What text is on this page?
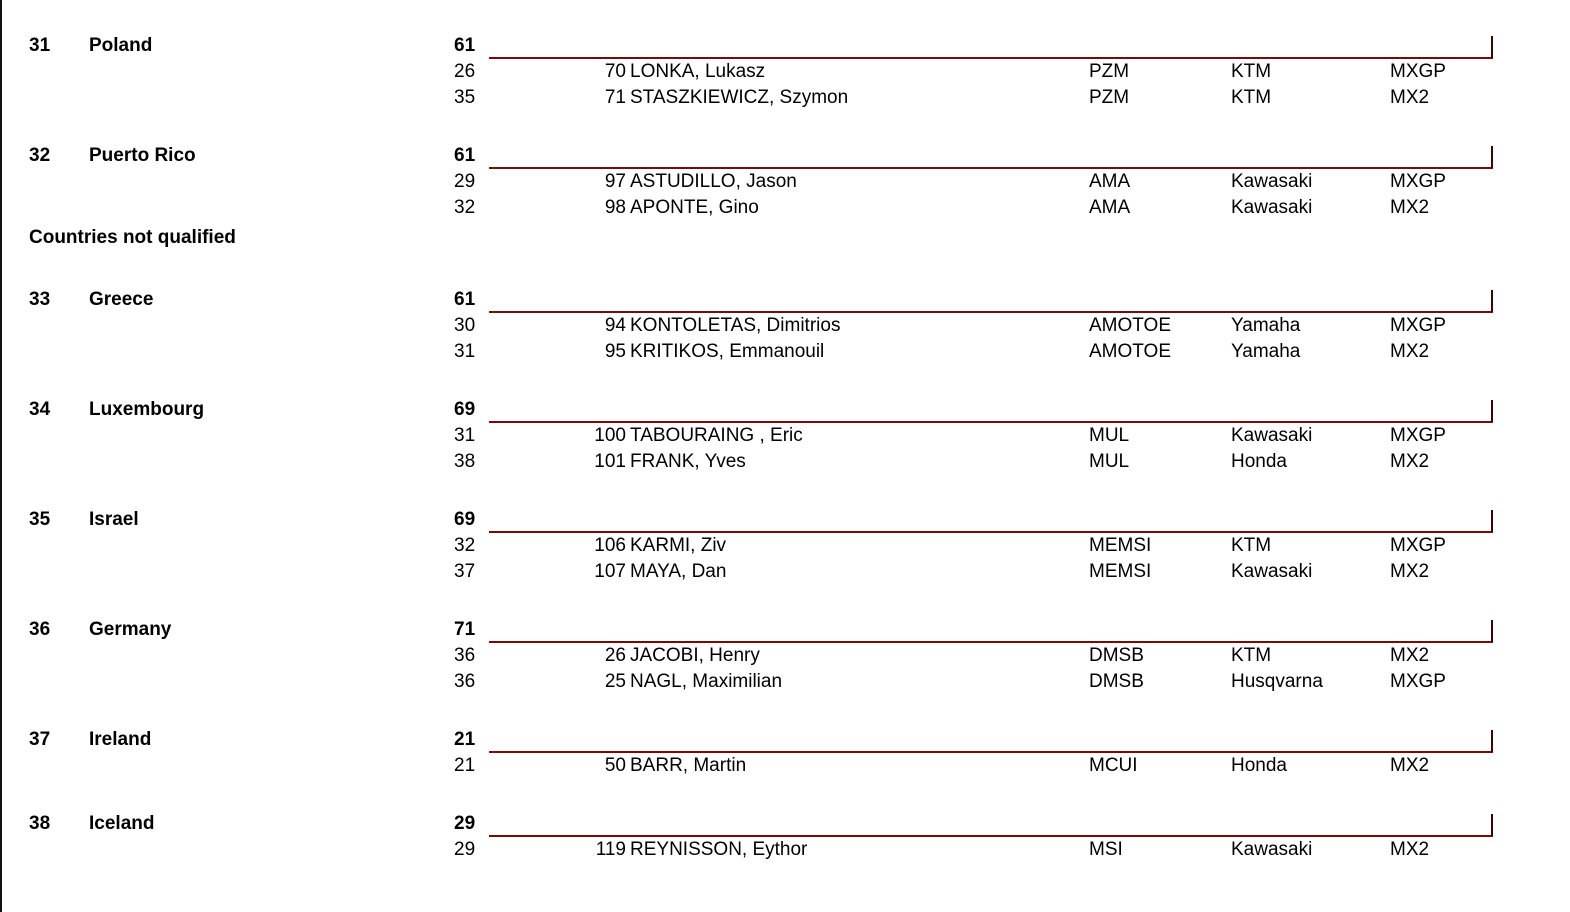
31 Poland	61
26	70 LONKA, Lukasz	PZM	KTM	MXGP
35	71 STASZKIEWICZ, Szymon	PZM	KTM	MX2
32 Puerto Rico	61
29	97 ASTUDILLO, Jason	AMA	Kawasaki	MXGP
32	98 APONTE, Gino	AMA	Kawasaki	MX2
Countries not qualified
33 Greece	61
30	94 KONTOLETAS, Dimitrios	AMOTOE	Yamaha	MXGP
31	95 KRITIKOS, Emmanouil	AMOTOE	Yamaha	MX2
34 Luxembourg	69
31	100 TABOURAING , Eric	MUL	Kawasaki	MXGP
38	101 FRANK, Yves	MUL	Honda	MX2
35 Israel	69
32	106 KARMI, Ziv	MEMSI	KTM	MXGP
37	107 MAYA, Dan	MEMSI	Kawasaki	MX2
36 Germany	71
36	26 JACOBI, Henry	DMSB	KTM	MX2
36	25 NAGL, Maximilian	DMSB	Husqvarna	MXGP
37 Ireland	21
21	50 BARR, Martin	MCUI	Honda	MX2
38 Iceland	29
29	119 REYNISSON, Eythor	MSI	Kawasaki	MX2
